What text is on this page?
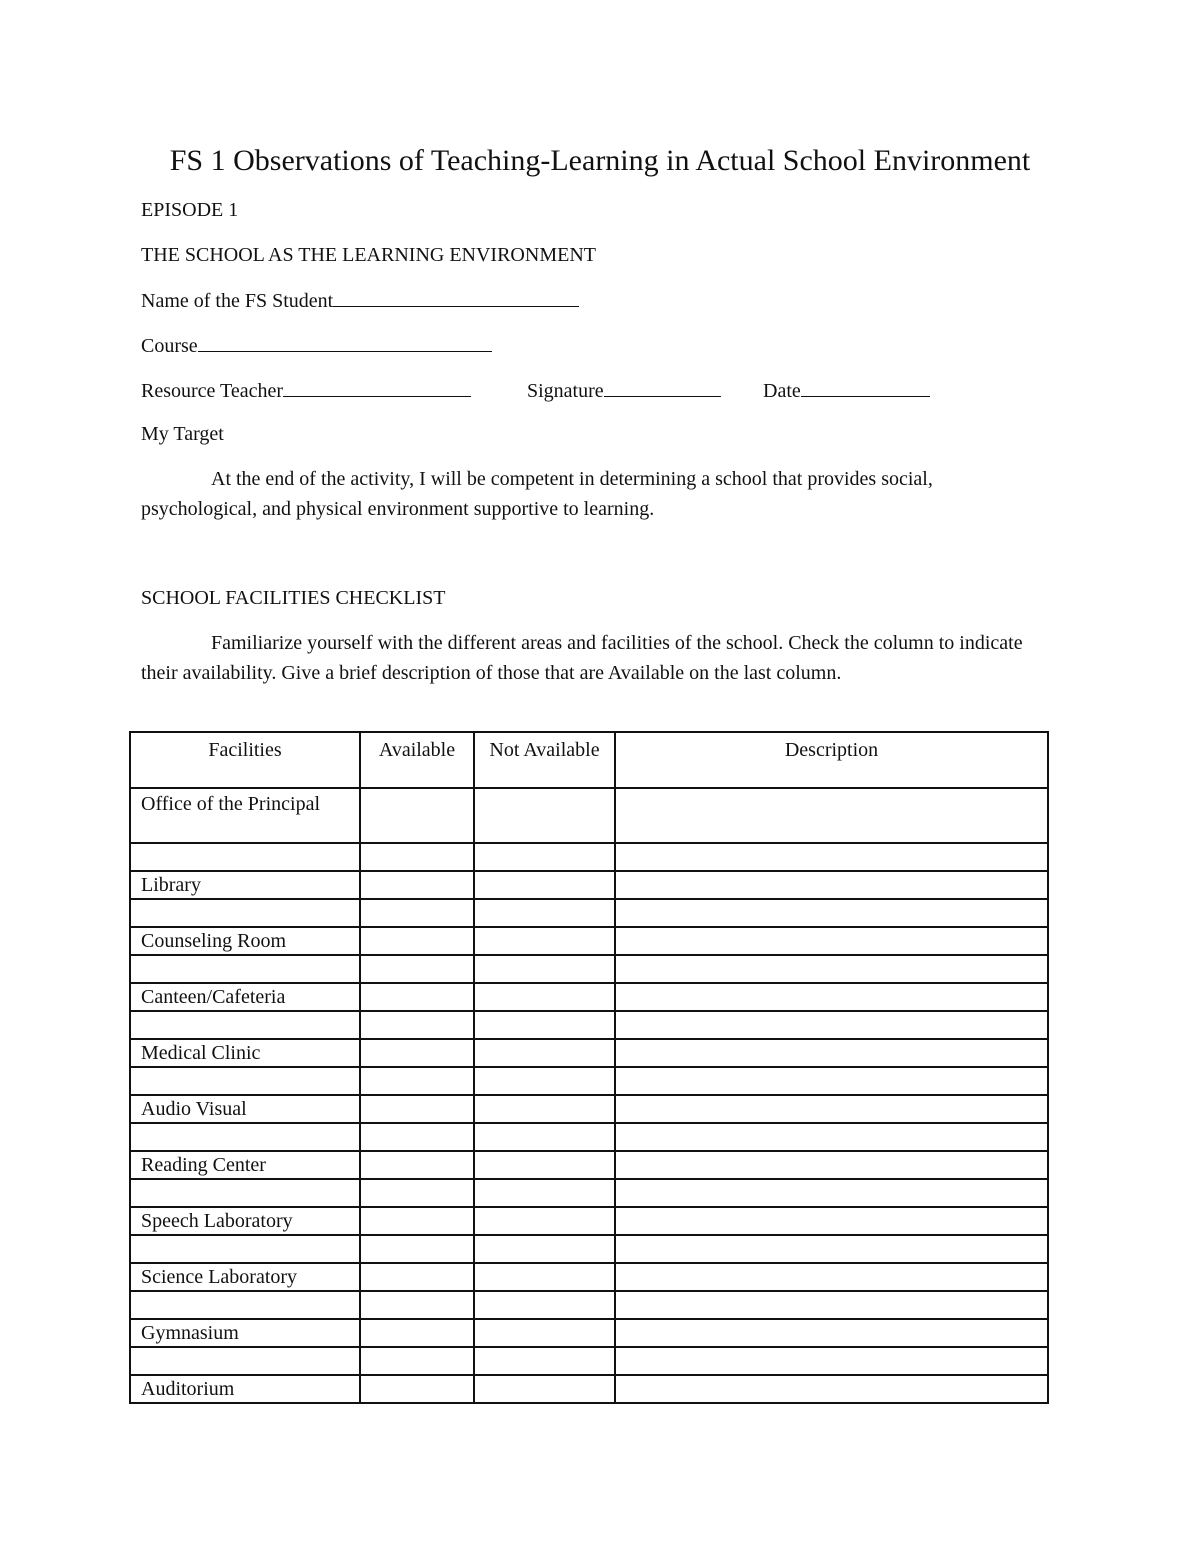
FS 1 Observations of Teaching-Learning in Actual School Environment
EPISODE 1
THE SCHOOL AS THE LEARNING ENVIRONMENT
Name of the FS Student
Course
Resource Teacher	Signature	Date
My Target

At the end of the activity, I will be competent in determining a school that provides social, psychological, and physical environment supportive to learning.

SCHOOL FACILITIES CHECKLIST

Familiarize yourself with the different areas and facilities of the school. Check the column to indicate their availability. Give a brief description of those that are Available on the last column.

Facilities	Available	Not Available	Description
Office of the Principal			

Library			

Counseling Room			

Canteen/Cafeteria			

Medical Clinic			

Audio Visual			

Reading Center			

Speech Laboratory			

Science Laboratory			

Gymnasium			

Auditorium			
